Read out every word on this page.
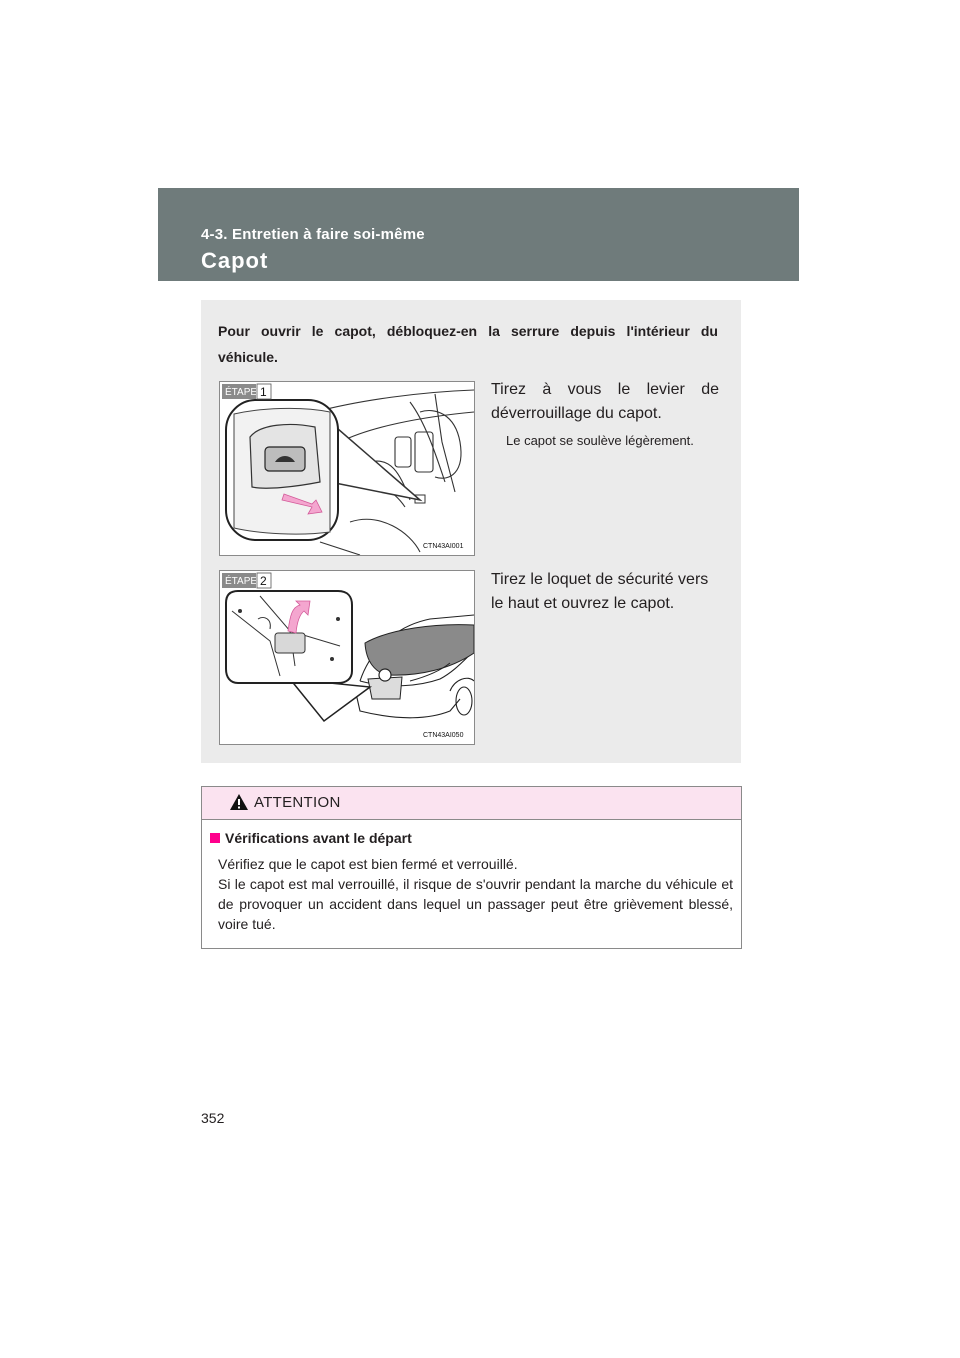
4-3. Entretien à faire soi-même
Capot
Pour ouvrir le capot, débloquez-en la serrure depuis l'intérieur du véhicule.
ÉTAPE 1
CTN43AI001
Tirez à vous le levier de déverrouillage du capot.
Le capot se soulève légèrement.
ÉTAPE 2
CTN43AI050
Tirez le loquet de sécurité vers le haut et ouvrez le capot.
ATTENTION
Vérifications avant le départ

Vérifiez que le capot est bien fermé et verrouillé.

Si le capot est mal verrouillé, il risque de s'ouvrir pendant la marche du véhicule et de provoquer un accident dans lequel un passager peut être grièvement blessé, voire tué.

352
